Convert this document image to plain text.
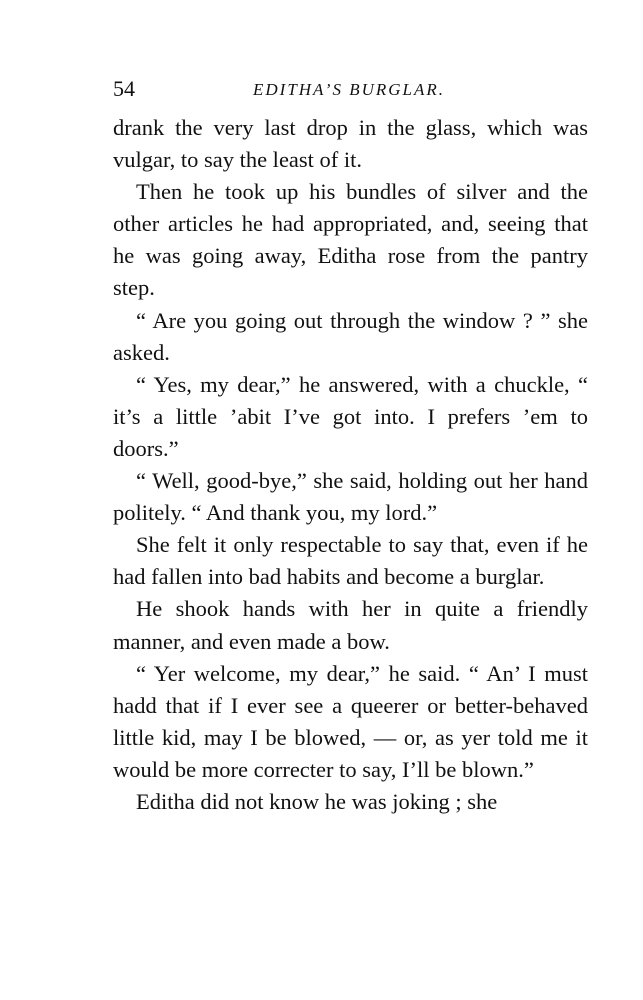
54	EDITHA’S BURGLAR.

drank the very last drop in the glass, which was vulgar, to say the least of it.

Then he took up his bundles of silver and the other articles he had appropriated, and, seeing that he was going away, Editha rose from the pantry step.

“ Are you going out through the window ? ” she asked.

“ Yes, my dear,” he answered, with a chuckle, “ it’s a little ’abit I’ve got into. I prefers ’em to doors.”

“ Well, good-bye,” she said, holding out her hand politely. “ And thank you, my lord.”

She felt it only respectable to say that, even if he had fallen into bad habits and become a burglar.

He shook hands with her in quite a friendly manner, and even made a bow.

“ Yer welcome, my dear,” he said. “ An’ I must hadd that if I ever see a queerer or better-behaved little kid, may I be blowed, — or, as yer told me it would be more correcter to say, I’ll be blown.”

Editha did not know he was joking ; she
